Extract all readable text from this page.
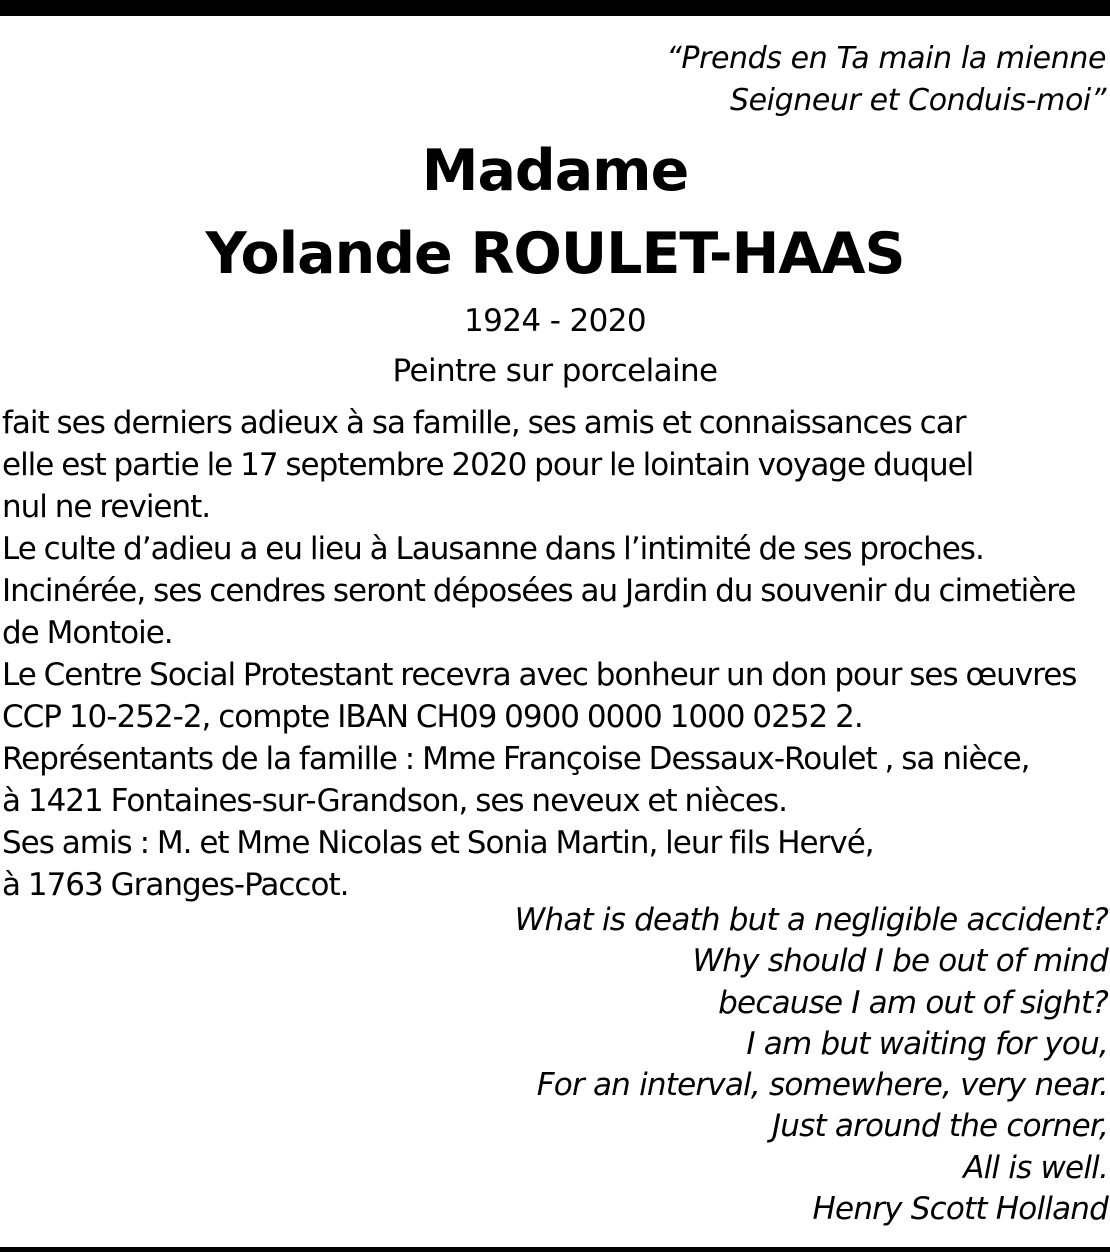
“Prends en Ta main la mienne
Seigneur et Conduis-moi”
Madame
Yolande ROULET-HAAS
1924 - 2020
Peintre sur porcelaine
fait ses derniers adieux à sa famille, ses amis et connaissances car
elle est partie le 17 septembre 2020 pour le lointain voyage duquel
nul ne revient.
Le culte d’adieu a eu lieu à Lausanne dans l’intimité de ses proches.
Incinérée, ses cendres seront déposées au Jardin du souvenir du cimetière
de Montoie.
Le Centre Social Protestant recevra avec bonheur un don pour ses œuvres
CCP 10-252-2, compte IBAN CH09 0900 0000 1000 0252 2.
Représentants de la famille : Mme Françoise Dessaux-Roulet , sa nièce,
à 1421 Fontaines-sur-Grandson, ses neveux et nièces.
Ses amis : M. et Mme Nicolas et Sonia Martin, leur fils Hervé,
à 1763 Granges-Paccot.
What is death but a negligible accident?
Why should I be out of mind
because I am out of sight?
I am but waiting for you,
For an interval, somewhere, very near.
Just around the corner,
All is well.
Henry Scott Holland
